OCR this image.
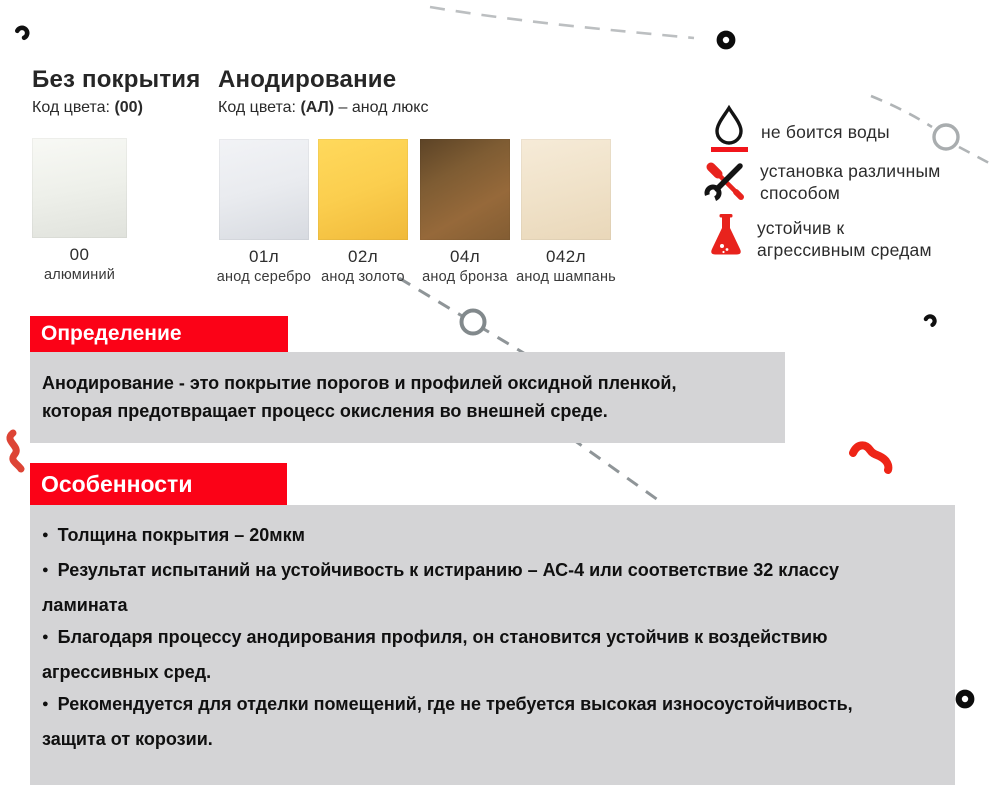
Без покрытия
Код цвета: (00)
Анодирование
Код цвета: (АЛ) – анод люкс
00
алюминий
01л
анод серебро
02л
анод золото
04л
анод бронза
042л
анод шампань
не боится воды
установка различным
способом
устойчив к
агрессивным средам
Определение

Анодирование - это покрытие порогов и профилей оксидной пленкой, которая предотвращает процесс окисления во внешней среде.

Особенности

● Толщина покрытия – 20мкм

● Результат испытаний на устойчивость к истиранию – АС-4 или соответствие 32 классу ламината

● Благодаря процессу анодирования профиля, он становится устойчив к воздействию агрессивных сред.

● Рекомендуется для отделки помещений, где не требуется высокая износоустойчивость, защита от корозии.
